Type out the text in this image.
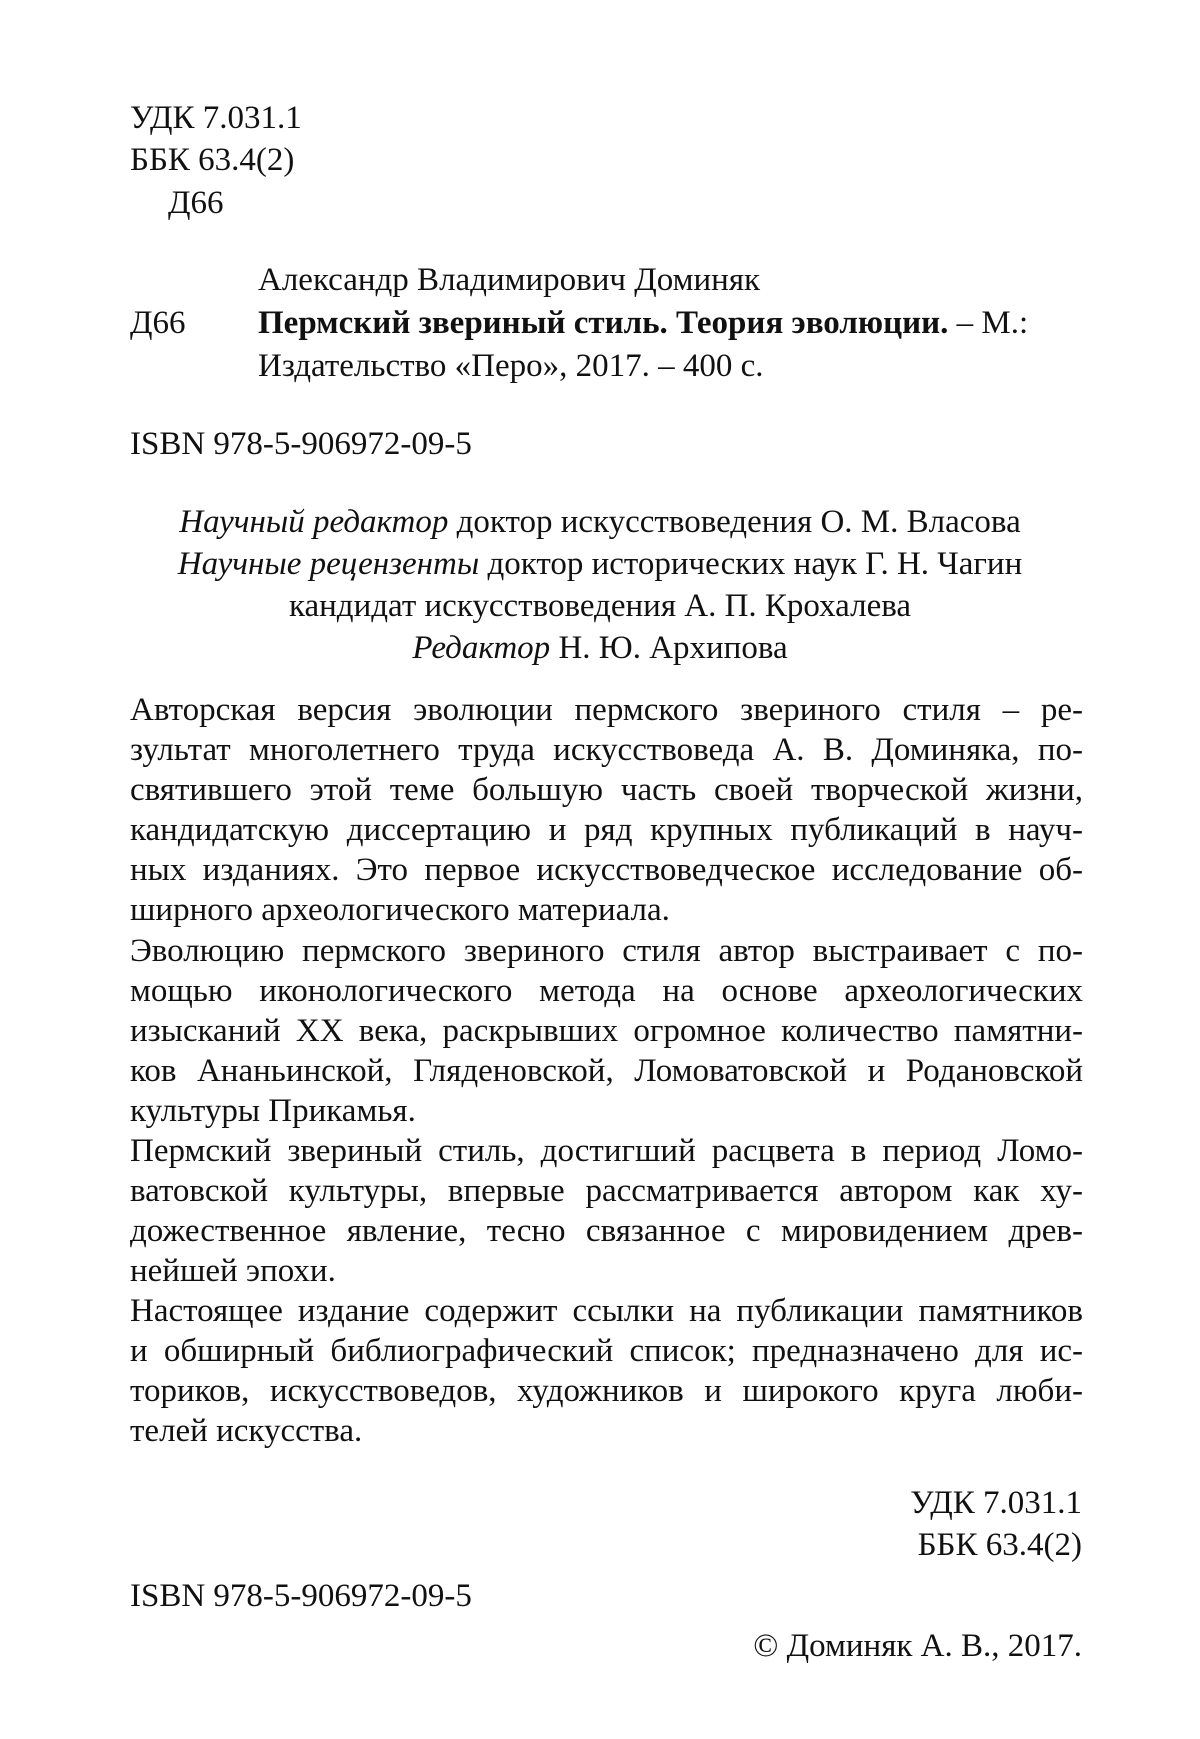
УДК 7.031.1
ББК 63.4(2)
Д66
Александр Владимирович Доминяк
Д66 Пермский звериный стиль. Теория эволюции. – М.:
Издательство «Перо», 2017. – 400 с.
ISBN 978-5-906972-09-5
Научный редактор доктор искусствоведения О. М. Власова
Научные рецензенты доктор исторических наук Г. Н. Чагин
кандидат искусствоведения А. П. Крохалева
Редактор Н. Ю. Архипова
Авторская версия эволюции пермского звериного стиля – ре-
зультат многолетнего труда искусствоведа А. В. Доминяка, по-
святившего этой теме большую часть своей творческой жизни,
кандидатскую диссертацию и ряд крупных публикаций в науч-
ных изданиях. Это первое искусствоведческое исследование об-
ширного археологического материала.
Эволюцию пермского звериного стиля автор выстраивает с по-
мощью иконологического метода на основе археологических
изысканий XX века, раскрывших огромное количество памятни-
ков Ананьинской, Гляденовской, Ломоватовской и Родановской
культуры Прикамья.
Пермский звериный стиль, достигший расцвета в период Ломо-
ватовской культуры, впервые рассматривается автором как ху-
дожественное явление, тесно связанное с мировидением древ-
нейшей эпохи.
Настоящее издание содержит ссылки на публикации памятников
и обширный библиографический список; предназначено для ис-
ториков, искусствоведов, художников и широкого круга люби-
телей искусства.
УДК 7.031.1
ББК 63.4(2)
ISBN 978-5-906972-09-5
© Доминяк А. В., 2017.
